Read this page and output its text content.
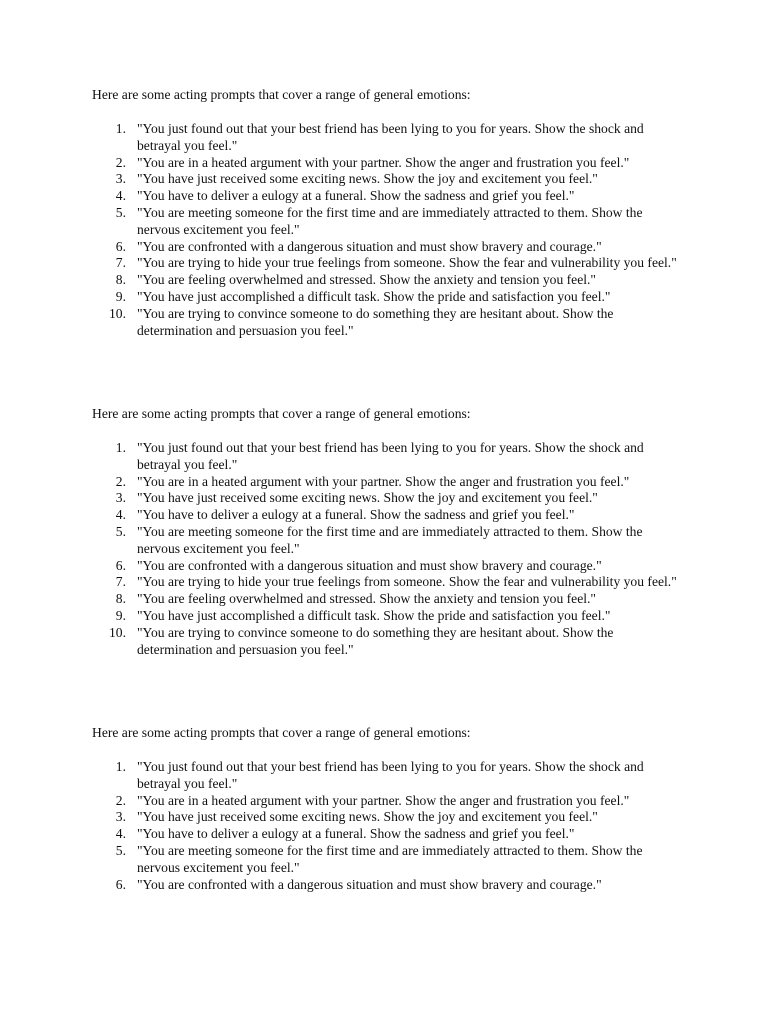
Here are some acting prompts that cover a range of general emotions:

1. "You just found out that your best friend has been lying to you for years. Show the shock and betrayal you feel."
2. "You are in a heated argument with your partner. Show the anger and frustration you feel."
3. "You have just received some exciting news. Show the joy and excitement you feel."
4. "You have to deliver a eulogy at a funeral. Show the sadness and grief you feel."
5. "You are meeting someone for the first time and are immediately attracted to them. Show the nervous excitement you feel."
6. "You are confronted with a dangerous situation and must show bravery and courage."
7. "You are trying to hide your true feelings from someone. Show the fear and vulnerability you feel."
8. "You are feeling overwhelmed and stressed. Show the anxiety and tension you feel."
9. "You have just accomplished a difficult task. Show the pride and satisfaction you feel."
10. "You are trying to convince someone to do something they are hesitant about. Show the determination and persuasion you feel."

Here are some acting prompts that cover a range of general emotions:

1. "You just found out that your best friend has been lying to you for years. Show the shock and betrayal you feel."
2. "You are in a heated argument with your partner. Show the anger and frustration you feel."
3. "You have just received some exciting news. Show the joy and excitement you feel."
4. "You have to deliver a eulogy at a funeral. Show the sadness and grief you feel."
5. "You are meeting someone for the first time and are immediately attracted to them. Show the nervous excitement you feel."
6. "You are confronted with a dangerous situation and must show bravery and courage."
7. "You are trying to hide your true feelings from someone. Show the fear and vulnerability you feel."
8. "You are feeling overwhelmed and stressed. Show the anxiety and tension you feel."
9. "You have just accomplished a difficult task. Show the pride and satisfaction you feel."
10. "You are trying to convince someone to do something they are hesitant about. Show the determination and persuasion you feel."

Here are some acting prompts that cover a range of general emotions:

1. "You just found out that your best friend has been lying to you for years. Show the shock and betrayal you feel."
2. "You are in a heated argument with your partner. Show the anger and frustration you feel."
3. "You have just received some exciting news. Show the joy and excitement you feel."
4. "You have to deliver a eulogy at a funeral. Show the sadness and grief you feel."
5. "You are meeting someone for the first time and are immediately attracted to them. Show the nervous excitement you feel."
6. "You are confronted with a dangerous situation and must show bravery and courage."
